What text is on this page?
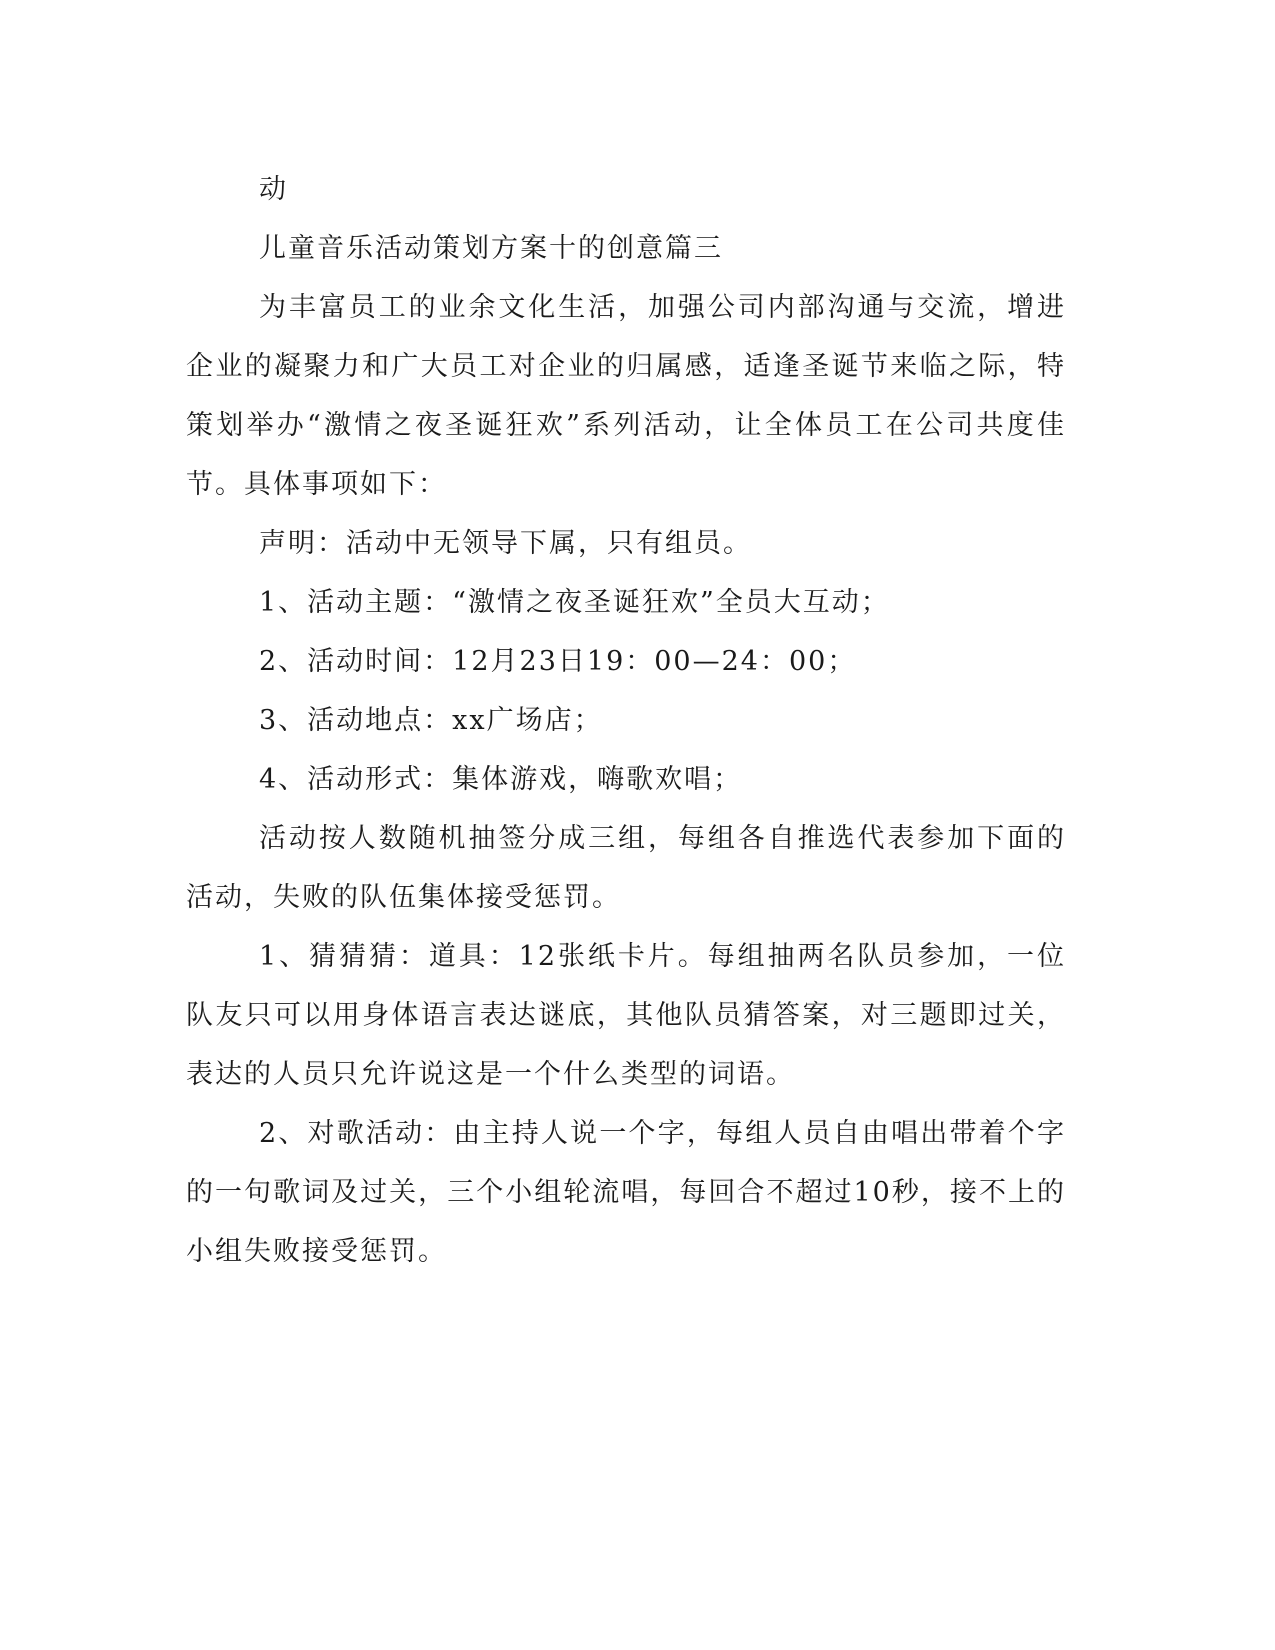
动

儿童音乐活动策划方案十的创意篇三

为丰富员工的业余文化生活，加强公司内部沟通与交流，增进企业的凝聚力和广大员工对企业的归属感，适逢圣诞节来临之际，特策划举办“激情之夜圣诞狂欢”系列活动，让全体员工在公司共度佳节。具体事项如下：

声明：活动中无领导下属，只有组员。

1、活动主题：“激情之夜圣诞狂欢”全员大互动；

2、活动时间：12月23日19：00—24：00；

3、活动地点：xx广场店；

4、活动形式：集体游戏，嗨歌欢唱；

活动按人数随机抽签分成三组，每组各自推选代表参加下面的活动，失败的队伍集体接受惩罚。

1、猜猜猜：道具：12张纸卡片。每组抽两名队员参加，一位队友只可以用身体语言表达谜底，其他队员猜答案，对三题即过关，表达的人员只允许说这是一个什么类型的词语。

2、对歌活动：由主持人说一个字，每组人员自由唱出带着个字的一句歌词及过关，三个小组轮流唱，每回合不超过10秒，接不上的小组失败接受惩罚。
